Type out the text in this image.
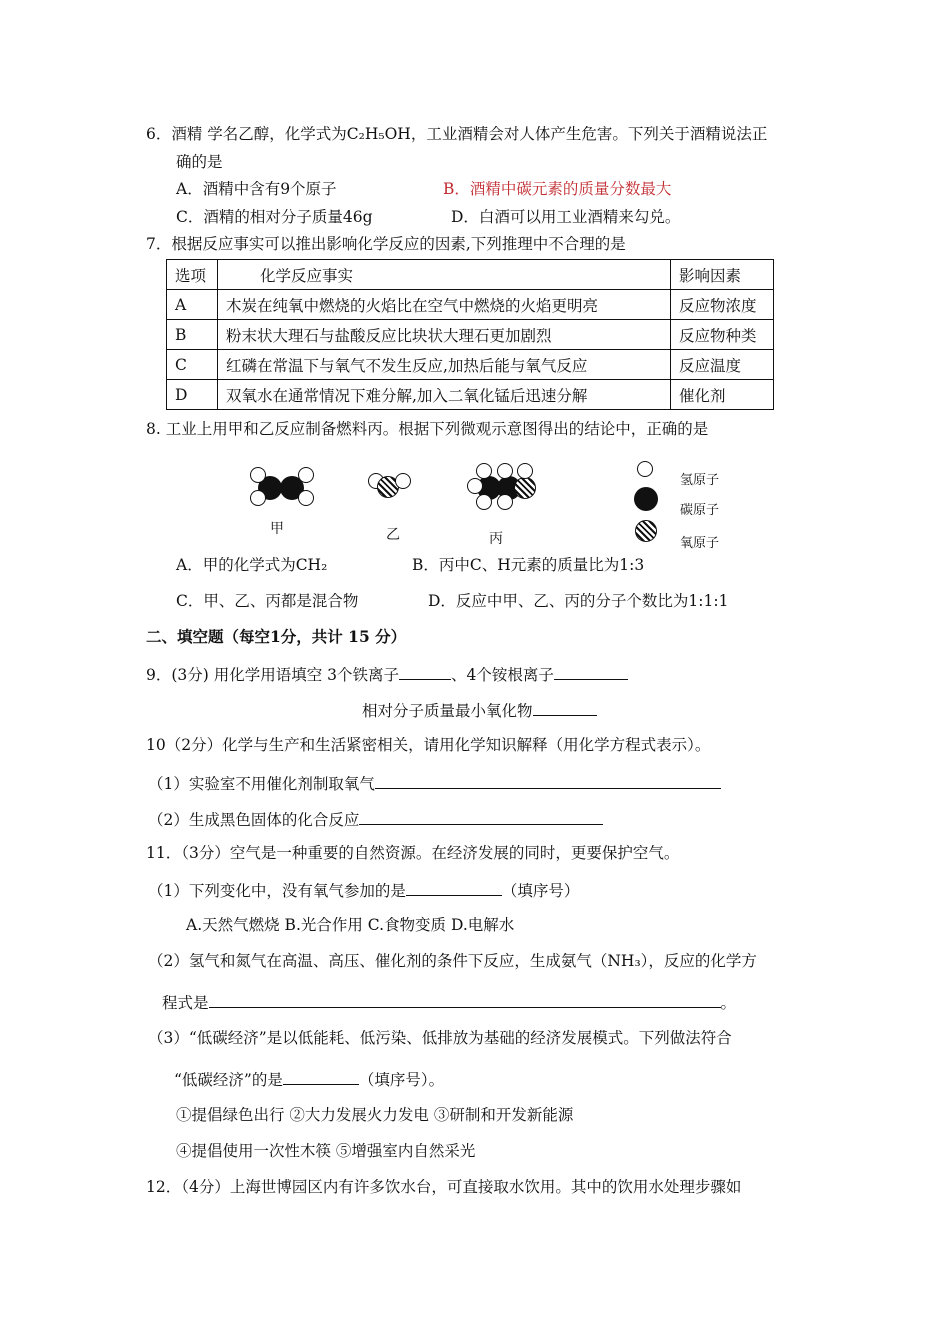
6．酒精 学名乙醇，化学式为C₂H₅OH，工业酒精会对人体产生危害。下列关于酒精说法正
确的是
A．酒精中含有9个原子	B．酒精中碳元素的质量分数最大
C．酒精的相对分子质量46g	D．白酒可以用工业酒精来勾兑。
7．根据反应事实可以推出影响化学反应的因素,下列推理中不合理的是
选项	化学反应事实	影响因素
A	木炭在纯氧中燃烧的火焰比在空气中燃烧的火焰更明亮	反应物浓度
B	粉末状大理石与盐酸反应比块状大理石更加剧烈	反应物种类
C	红磷在常温下与氧气不发生反应,加热后能与氧气反应	反应温度
D	双氧水在通常情况下难分解,加入二氧化锰后迅速分解	催化剂
8. 工业上用甲和乙反应制备燃料丙。根据下列微观示意图得出的结论中，正确的是
甲	乙	丙
氢原子
碳原子
氧原子
A．甲的化学式为CH₂	B．丙中C、H元素的质量比为1:3
C．甲、乙、丙都是混合物	D．反应中甲、乙、丙的分子个数比为1:1:1
二、填空题（每空1分，共计 15 分）
9．(3分) 用化学用语填空 3个铁离子	、4个铵根离子
相对分子质量最小氧化物
10（2分）化学与生产和生活紧密相关，请用化学知识解释（用化学方程式表示）。
（1）实验室不用催化剂制取氧气
（2）生成黑色固体的化合反应
11．（3分）空气是一种重要的自然资源。在经济发展的同时，更要保护空气。
（1）下列变化中，没有氧气参加的是	（填序号）
A.天然气燃烧 B.光合作用 C.食物变质 D.电解水
（2）氢气和氮气在高温、高压、催化剂的条件下反应，生成氨气（NH₃），反应的化学方
程式是	。
（3）“低碳经济”是以低能耗、低污染、低排放为基础的经济发展模式。下列做法符合
“低碳经济”的是	（填序号）。
①提倡绿色出行 ②大力发展火力发电 ③研制和开发新能源
④提倡使用一次性木筷 ⑤增强室内自然采光
12．（4分）上海世博园区内有许多饮水台，可直接取水饮用。其中的饮用水处理步骤如
